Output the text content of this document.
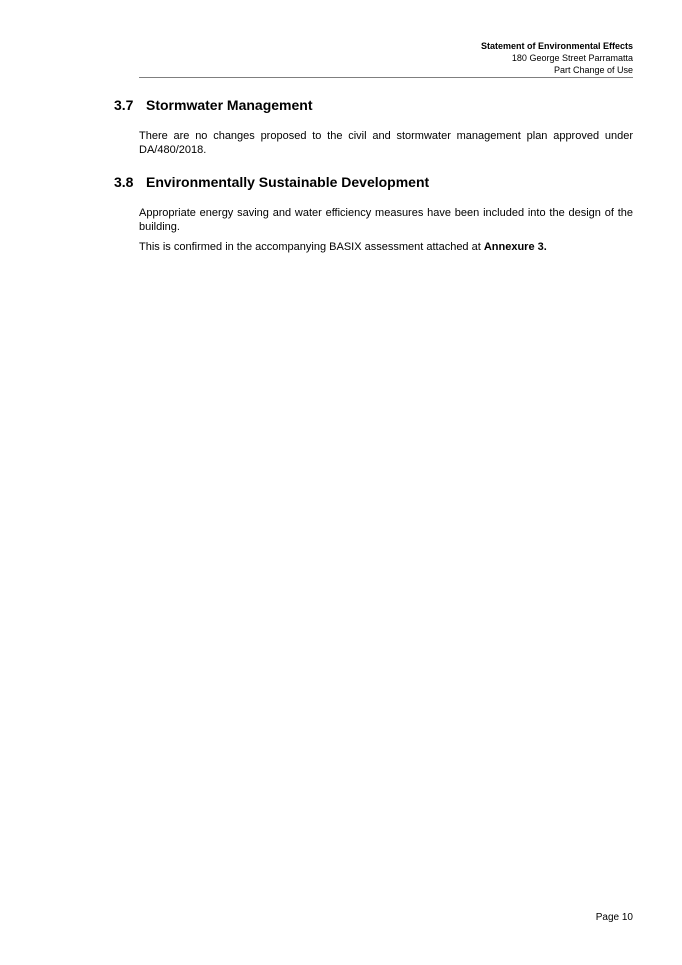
Statement of Environmental Effects
180 George Street Parramatta
Part Change of Use
3.7 Stormwater Management

There are no changes proposed to the civil and stormwater management plan approved under DA/480/2018.

3.8 Environmentally Sustainable Development

Appropriate energy saving and water efficiency measures have been included into the design of the building.

This is confirmed in the accompanying BASIX assessment attached at Annexure 3.

Page 10
